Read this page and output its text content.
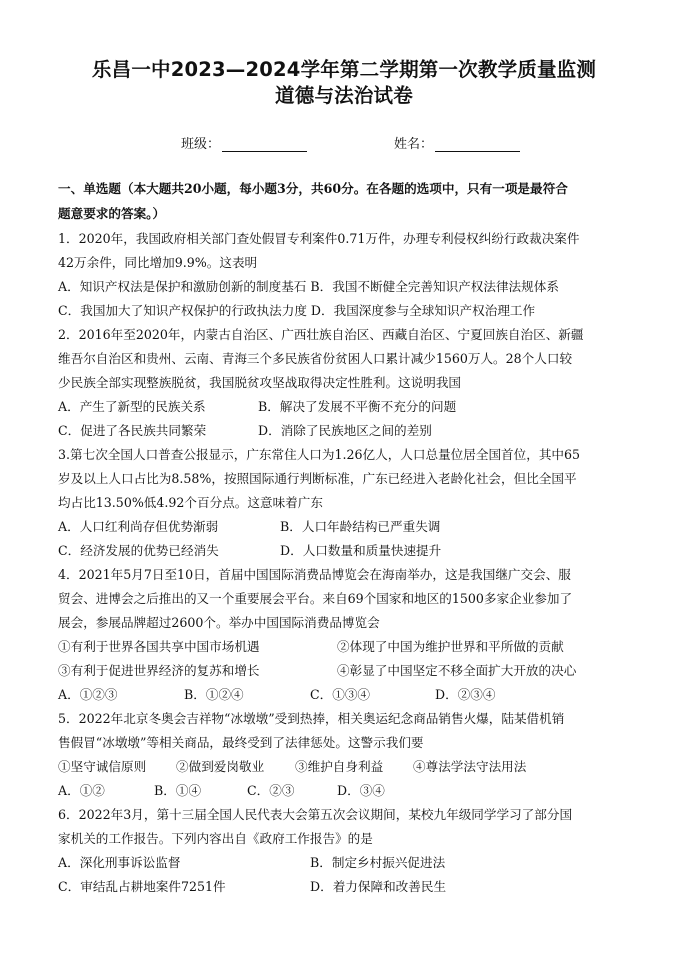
乐昌一中2023—2024学年第二学期第一次教学质量监测
道德与法治试卷
班级：	姓名：
一、单选题（本大题共20小题，每小题3分，共60分。在各题的选项中，只有一项是最符合
题意要求的答案。）
1．2020年，我国政府相关部门查处假冒专利案件0.71万件，办理专利侵权纠纷行政裁决案件
42万余件，同比增加9.9%。这表明
A．知识产权法是保护和激励创新的制度基石 B．我国不断健全完善知识产权法律法规体系
C．我国加大了知识产权保护的行政执法力度 D．我国深度参与全球知识产权治理工作
2．2016年至2020年，内蒙古自治区、广西壮族自治区、西藏自治区、宁夏回族自治区、新疆
维吾尔自治区和贵州、云南、青海三个多民族省份贫困人口累计减少1560万人。28个人口较
少民族全部实现整族脱贫，我国脱贫攻坚战取得决定性胜利。这说明我国
A．产生了新型的民族关系	B．解决了发展不平衡不充分的问题
C．促进了各民族共同繁荣	D．消除了民族地区之间的差别
3.第七次全国人口普查公报显示，广东常住人口为1.26亿人，人口总量位居全国首位，其中65
岁及以上人口占比为8.58%，按照国际通行判断标准，广东已经进入老龄化社会，但比全国平
均占比13.50%低4.92个百分点。这意味着广东
A．人口红利尚存但优势渐弱	B．人口年龄结构已严重失调
C．经济发展的优势已经消失	D．人口数量和质量快速提升
4．2021年5月7日至10日，首届中国国际消费品博览会在海南举办，这是我国继广交会、服
贸会、进博会之后推出的又一个重要展会平台。来自69个国家和地区的1500多家企业参加了
展会，参展品牌超过2600个。举办中国国际消费品博览会
①有利于世界各国共享中国市场机遇	②体现了中国为维护世界和平所做的贡献
③有利于促进世界经济的复苏和增长	④彰显了中国坚定不移全面扩大开放的决心
A．①②③	B．①②④	C．①③④	D．②③④
5．2022年北京冬奥会吉祥物“冰墩墩”受到热捧，相关奥运纪念商品销售火爆，陆某借机销
售假冒“冰墩墩”等相关商品，最终受到了法律惩处。这警示我们要
①坚守诚信原则 ②做到爱岗敬业 ③维护自身利益 ④尊法学法守法用法
A．①②	B．①④	C．②③	D．③④
6．2022年3月，第十三届全国人民代表大会第五次会议期间，某校九年级同学学习了部分国
家机关的工作报告。下列内容出自《政府工作报告》的是
A．深化刑事诉讼监督	B．制定乡村振兴促进法
C．审结乱占耕地案件7251件	D．着力保障和改善民生
